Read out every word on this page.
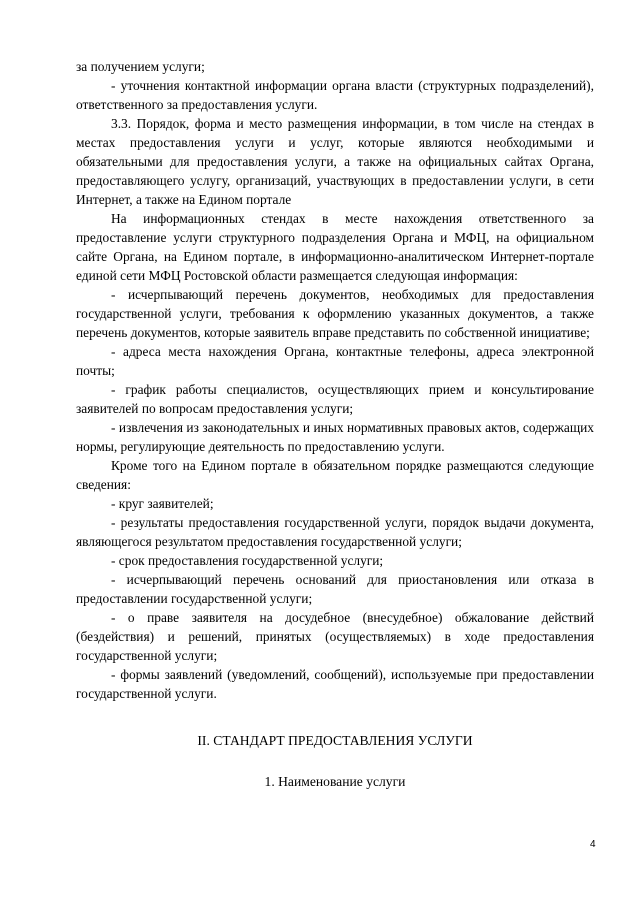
за получением услуги;

- уточнения контактной информации органа власти (структурных подразделений), ответственного за предоставления услуги.

3.3. Порядок, форма и место размещения информации, в том числе на стендах в местах предоставления услуги и услуг, которые являются необходимыми и обязательными для предоставления услуги, а также на официальных сайтах Органа, предоставляющего услугу, организаций, участвующих в предоставлении услуги, в сети Интернет, а также на Едином портале

На информационных стендах в месте нахождения ответственного за предоставление услуги структурного подразделения Органа и МФЦ, на официальном сайте Органа, на Едином портале, в информационно-аналитическом Интернет-портале единой сети МФЦ Ростовской области размещается следующая информация:

- исчерпывающий перечень документов, необходимых для предоставления государственной услуги, требования к оформлению указанных документов, а также перечень документов, которые заявитель вправе представить по собственной инициативе;

- адреса места нахождения Органа, контактные телефоны, адреса электронной почты;

- график работы специалистов, осуществляющих прием и консультирование заявителей по вопросам предоставления услуги;

- извлечения из законодательных и иных нормативных правовых актов, содержащих нормы, регулирующие деятельность по предоставлению услуги.

Кроме того на Едином портале в обязательном порядке размещаются следующие сведения:

- круг заявителей;

- результаты предоставления государственной услуги, порядок выдачи документа, являющегося результатом предоставления государственной услуги;

- срок предоставления государственной услуги;

- исчерпывающий перечень оснований для приостановления или отказа в предоставлении государственной услуги;

- о праве заявителя на досудебное (внесудебное) обжалование действий (бездействия) и решений, принятых (осуществляемых) в ходе предоставления государственной услуги;

- формы заявлений (уведомлений, сообщений), используемые при предоставлении государственной услуги.

II. СТАНДАРТ ПРЕДОСТАВЛЕНИЯ УСЛУГИ

1. Наименование услуги

4
